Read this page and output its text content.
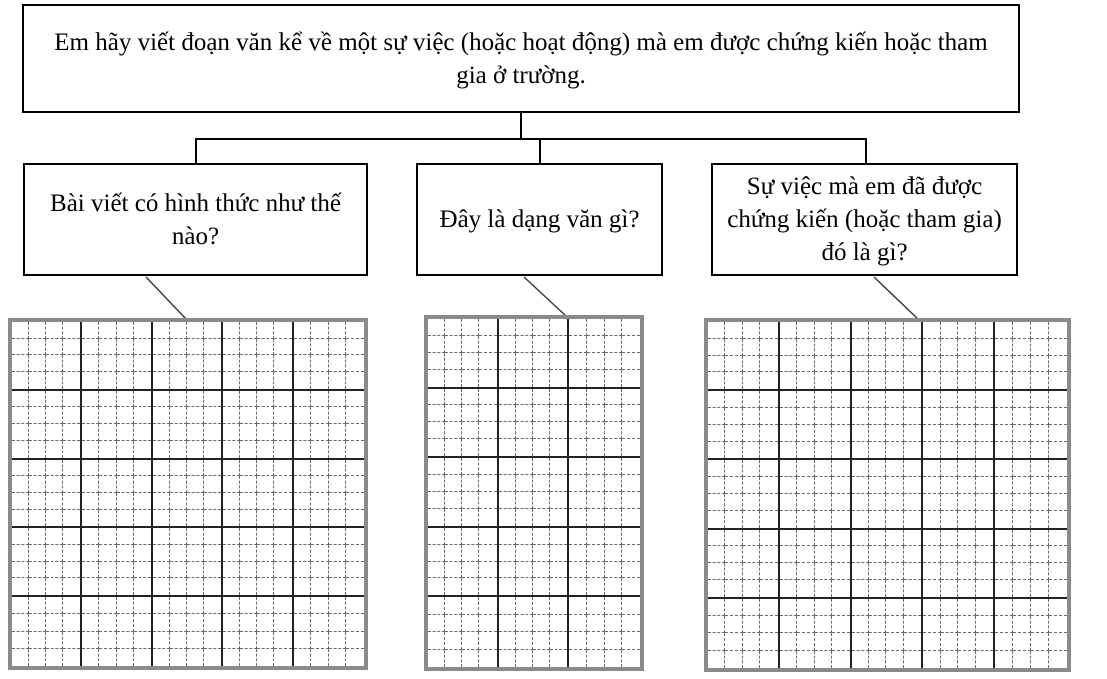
Em hãy viết đoạn văn kể về một sự việc (hoặc hoạt động) mà em được chứng kiến hoặc tham gia ở trường.
Bài viết có hình thức như thế nào?
Đây là dạng văn gì?
Sự việc mà em đã được chứng kiến (hoặc tham gia) đó là gì?
